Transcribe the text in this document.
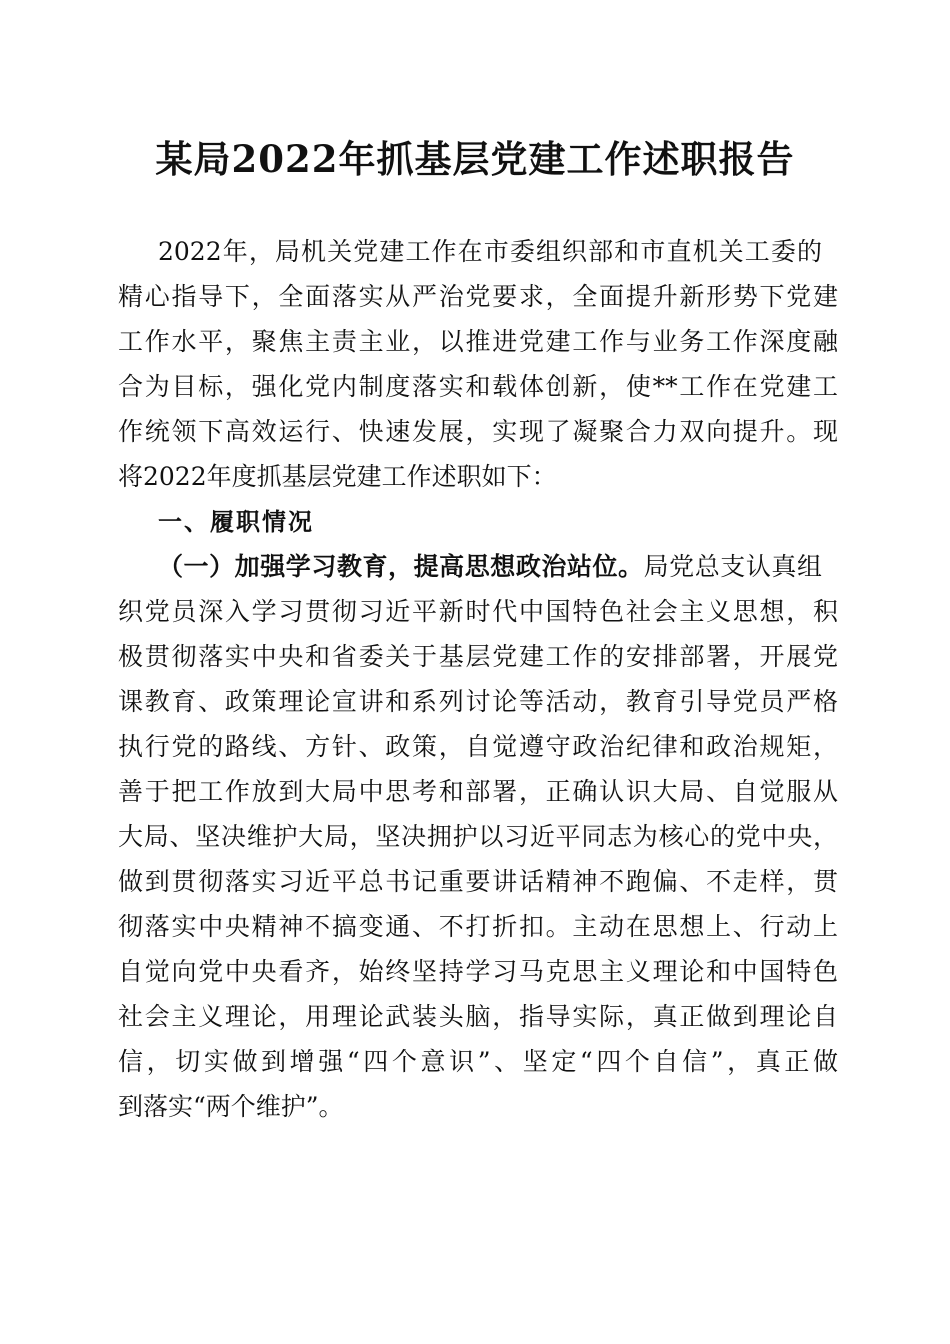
某局2022年抓基层党建工作述职报告
2022年，局机关党建工作在市委组织部和市直机关工委的
精心指导下，全面落实从严治党要求，全面提升新形势下党建
工作水平，聚焦主责主业，以推进党建工作与业务工作深度融
合为目标，强化党内制度落实和载体创新，使**工作在党建工
作统领下高效运行、快速发展，实现了凝聚合力双向提升。现
将2022年度抓基层党建工作述职如下：
一、履职情况
（一）加强学习教育，提高思想政治站位。局党总支认真组
织党员深入学习贯彻习近平新时代中国特色社会主义思想，积
极贯彻落实中央和省委关于基层党建工作的安排部署，开展党
课教育、政策理论宣讲和系列讨论等活动，教育引导党员严格
执行党的路线、方针、政策，自觉遵守政治纪律和政治规矩，
善于把工作放到大局中思考和部署，正确认识大局、自觉服从
大局、坚决维护大局，坚决拥护以习近平同志为核心的党中央，
做到贯彻落实习近平总书记重要讲话精神不跑偏、不走样，贯
彻落实中央精神不搞变通、不打折扣。主动在思想上、行动上
自觉向党中央看齐，始终坚持学习马克思主义理论和中国特色
社会主义理论，用理论武装头脑，指导实际，真正做到理论自
信，切实做到增强“四个意识”、坚定“四个自信”，真正做
到落实“两个维护”。
